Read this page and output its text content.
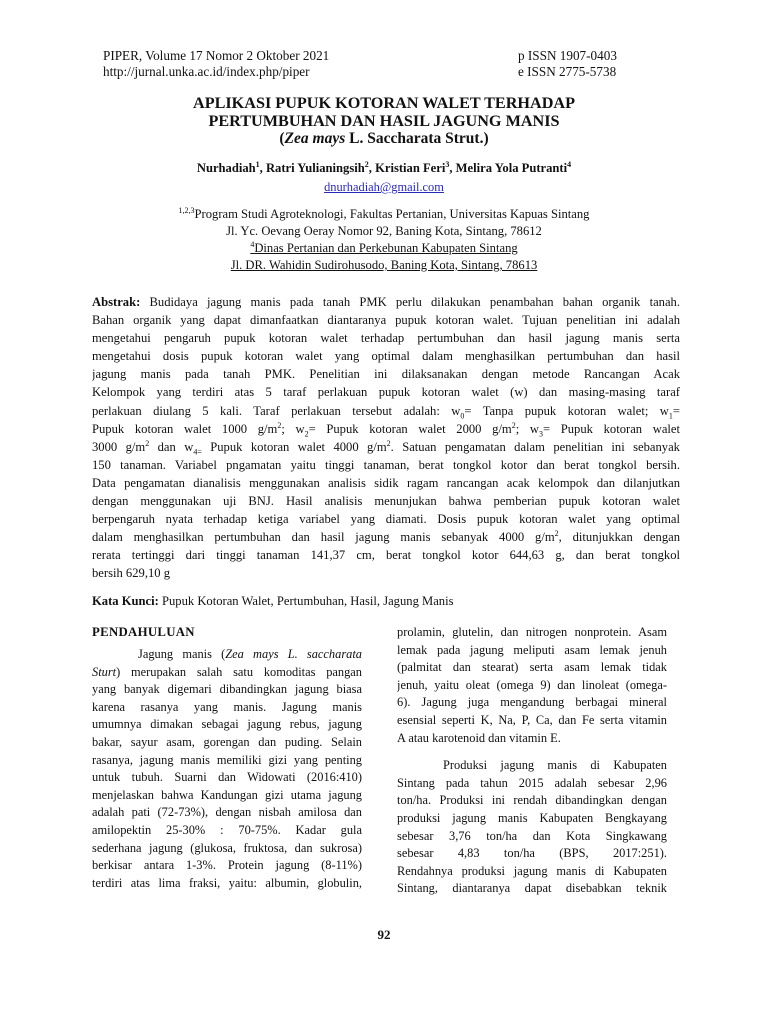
PIPER, Volume 17 Nomor 2 Oktober 2021
http://jurnal.unka.ac.id/index.php/piper
p ISSN 1907-0403
e ISSN 2775-5738
APLIKASI PUPUK KOTORAN WALET TERHADAP
PERTUMBUHAN DAN HASIL JAGUNG MANIS
(Zea mays L. Saccharata Strut.)
Nurhadiah$^1$, Ratri Yulianingsih$^2$, Kristian Feri$^3$, Melira Yola Putranti$^4$
dnurhadiah@gmail.com
$^{1,2,3}$Program Studi Agroteknologi, Fakultas Pertanian, Universitas Kapuas Sintang
Jl. Yc. Oevang Oeray Nomor 92, Baning Kota, Sintang, 78612
$^4$Dinas Pertanian dan Perkebunan Kabupaten Sintang
Jl. DR. Wahidin Sudirohusodo, Baning Kota, Sintang, 78613
Abstrak: Budidaya jagung manis pada tanah PMK perlu dilakukan penambahan bahan organik tanah.
Bahan organik yang dapat dimanfaatkan diantaranya pupuk kotoran walet. Tujuan penelitian ini adalah
mengetahui pengaruh pupuk kotoran walet terhadap pertumbuhan dan hasil jagung manis serta
mengetahui dosis pupuk kotoran walet yang optimal dalam menghasilkan pertumbuhan dan hasil
jagung manis pada tanah PMK. Penelitian ini dilaksanakan dengan metode Rancangan Acak
Kelompok yang terdiri atas 5 taraf perlakuan pupuk kotoran walet (w) dan masing-masing taraf
perlakuan diulang 5 kali. Taraf perlakuan tersebut adalah: $w_0=$ Tanpa pupuk kotoran walet; $w_1=$
Pupuk kotoran walet 1000 $g/m^2$; $w_2=$ Pupuk kotoran walet 2000 $g/m^2$; $w_3=$ Pupuk kotoran walet
3000 $g/m^2$ dan $w_{4=}$ Pupuk kotoran walet 4000 $g/m^2$. Satuan pengamatan dalam penelitian ini sebanyak
150 tanaman. Variabel pngamatan yaitu tinggi tanaman, berat tongkol kotor dan berat tongkol bersih.
Data pengamatan dianalisis menggunakan analisis sidik ragam rancangan acak kelompok dan dilanjutkan
dengan menggunakan uji BNJ. Hasil analisis menunjukan bahwa pemberian pupuk kotoran walet
berpengaruh nyata terhadap ketiga variabel yang diamati. Dosis pupuk kotoran walet yang optimal
dalam menghasilkan pertumbuhan dan hasil jagung manis sebanyak 4000 $g/m^2$, ditunjukkan dengan
rerata tertinggi dari tinggi tanaman 141,37 cm, berat tongkol kotor 644,63 g, dan berat tongkol
bersih 629,10 g
Kata Kunci: Pupuk Kotoran Walet, Pertumbuhan, Hasil, Jagung Manis
PENDAHULUAN
Jagung manis (Zea mays L. saccharata
Sturt) merupakan salah satu komoditas pangan
yang banyak digemari dibandingkan jagung biasa
karena rasanya yang manis. Jagung manis
umumnya dimakan sebagai jagung rebus, jagung
bakar, sayur asam, gorengan dan puding. Selain
rasanya, jagung manis memiliki gizi yang penting
untuk tubuh. Suarni dan Widowati (2016:410)
menjelaskan bahwa Kandungan gizi utama jagung
adalah pati (72-73%), dengan nisbah amilosa dan
amilopektin 25-30% : 70-75%. Kadar gula
sederhana jagung (glukosa, fruktosa, dan sukrosa)
berkisar antara 1-3%. Protein jagung (8-11%)
terdiri atas lima fraksi, yaitu: albumin, globulin,
prolamin, glutelin, dan nitrogen nonprotein. Asam
lemak pada jagung meliputi asam lemak jenuh
(palmitat dan stearat) serta asam lemak tidak
jenuh, yaitu oleat (omega 9) dan linoleat (omega-
6). Jagung juga mengandung berbagai mineral
esensial seperti K, Na, P, Ca, dan Fe serta vitamin
A atau karotenoid dan vitamin E.
Produksi jagung manis di Kabupaten
Sintang pada tahun 2015 adalah sebesar 2,96
ton/ha. Produksi ini rendah dibandingkan dengan
produksi jagung manis Kabupaten Bengkayang
sebesar 3,76 ton/ha dan Kota Singkawang
sebesar 4,83 ton/ha (BPS, 2017:251).
Rendahnya produksi jagung manis di Kabupaten
Sintang, diantaranya dapat disebabkan teknik
92
